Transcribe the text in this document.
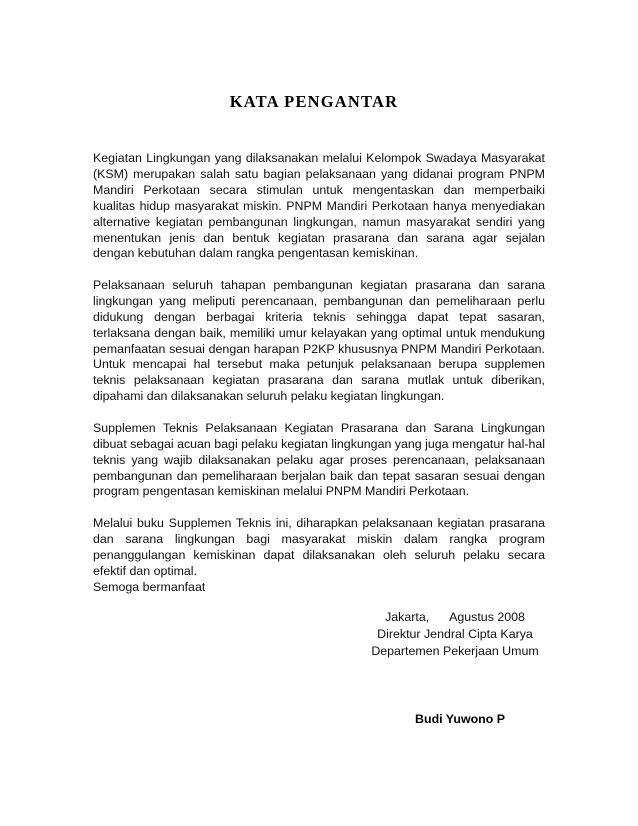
KATA PENGANTAR

Kegiatan Lingkungan yang dilaksanakan melalui Kelompok Swadaya Masyarakat (KSM) merupakan salah satu bagian pelaksanaan yang didanai program PNPM Mandiri Perkotaan secara stimulan untuk mengentaskan dan memperbaiki kualitas hidup masyarakat miskin. PNPM Mandiri Perkotaan hanya menyediakan alternative kegiatan pembangunan lingkungan, namun masyarakat sendiri yang menentukan jenis dan bentuk kegiatan prasarana dan sarana agar sejalan dengan kebutuhan dalam rangka pengentasan kemiskinan.

Pelaksanaan seluruh tahapan pembangunan kegiatan prasarana dan sarana lingkungan yang meliputi perencanaan, pembangunan dan pemeliharaan perlu didukung dengan berbagai kriteria teknis sehingga dapat tepat sasaran, terlaksana dengan baik, memiliki umur kelayakan yang optimal untuk mendukung pemanfaatan sesuai dengan harapan P2KP khususnya PNPM Mandiri Perkotaan. Untuk mencapai hal tersebut maka petunjuk pelaksanaan berupa supplemen teknis pelaksanaan kegiatan prasarana dan sarana mutlak untuk diberikan, dipahami dan dilaksanakan seluruh pelaku kegiatan lingkungan.

Supplemen Teknis Pelaksanaan Kegiatan Prasarana dan Sarana Lingkungan dibuat sebagai acuan bagi pelaku kegiatan lingkungan yang juga mengatur hal-hal teknis yang wajib dilaksanakan pelaku agar proses perencanaan, pelaksanaan pembangunan dan pemeliharaan berjalan baik dan tepat sasaran sesuai dengan program pengentasan kemiskinan melalui PNPM Mandiri Perkotaan.

Melalui buku Supplemen Teknis ini, diharapkan pelaksanaan kegiatan prasarana dan sarana lingkungan bagi masyarakat miskin dalam rangka program penanggulangan kemiskinan dapat dilaksanakan oleh seluruh pelaku secara efektif dan optimal.

Semoga bermanfaat
Jakarta,      Agustus 2008
Direktur Jendral Cipta Karya
Departemen Pekerjaan Umum
Budi Yuwono P
